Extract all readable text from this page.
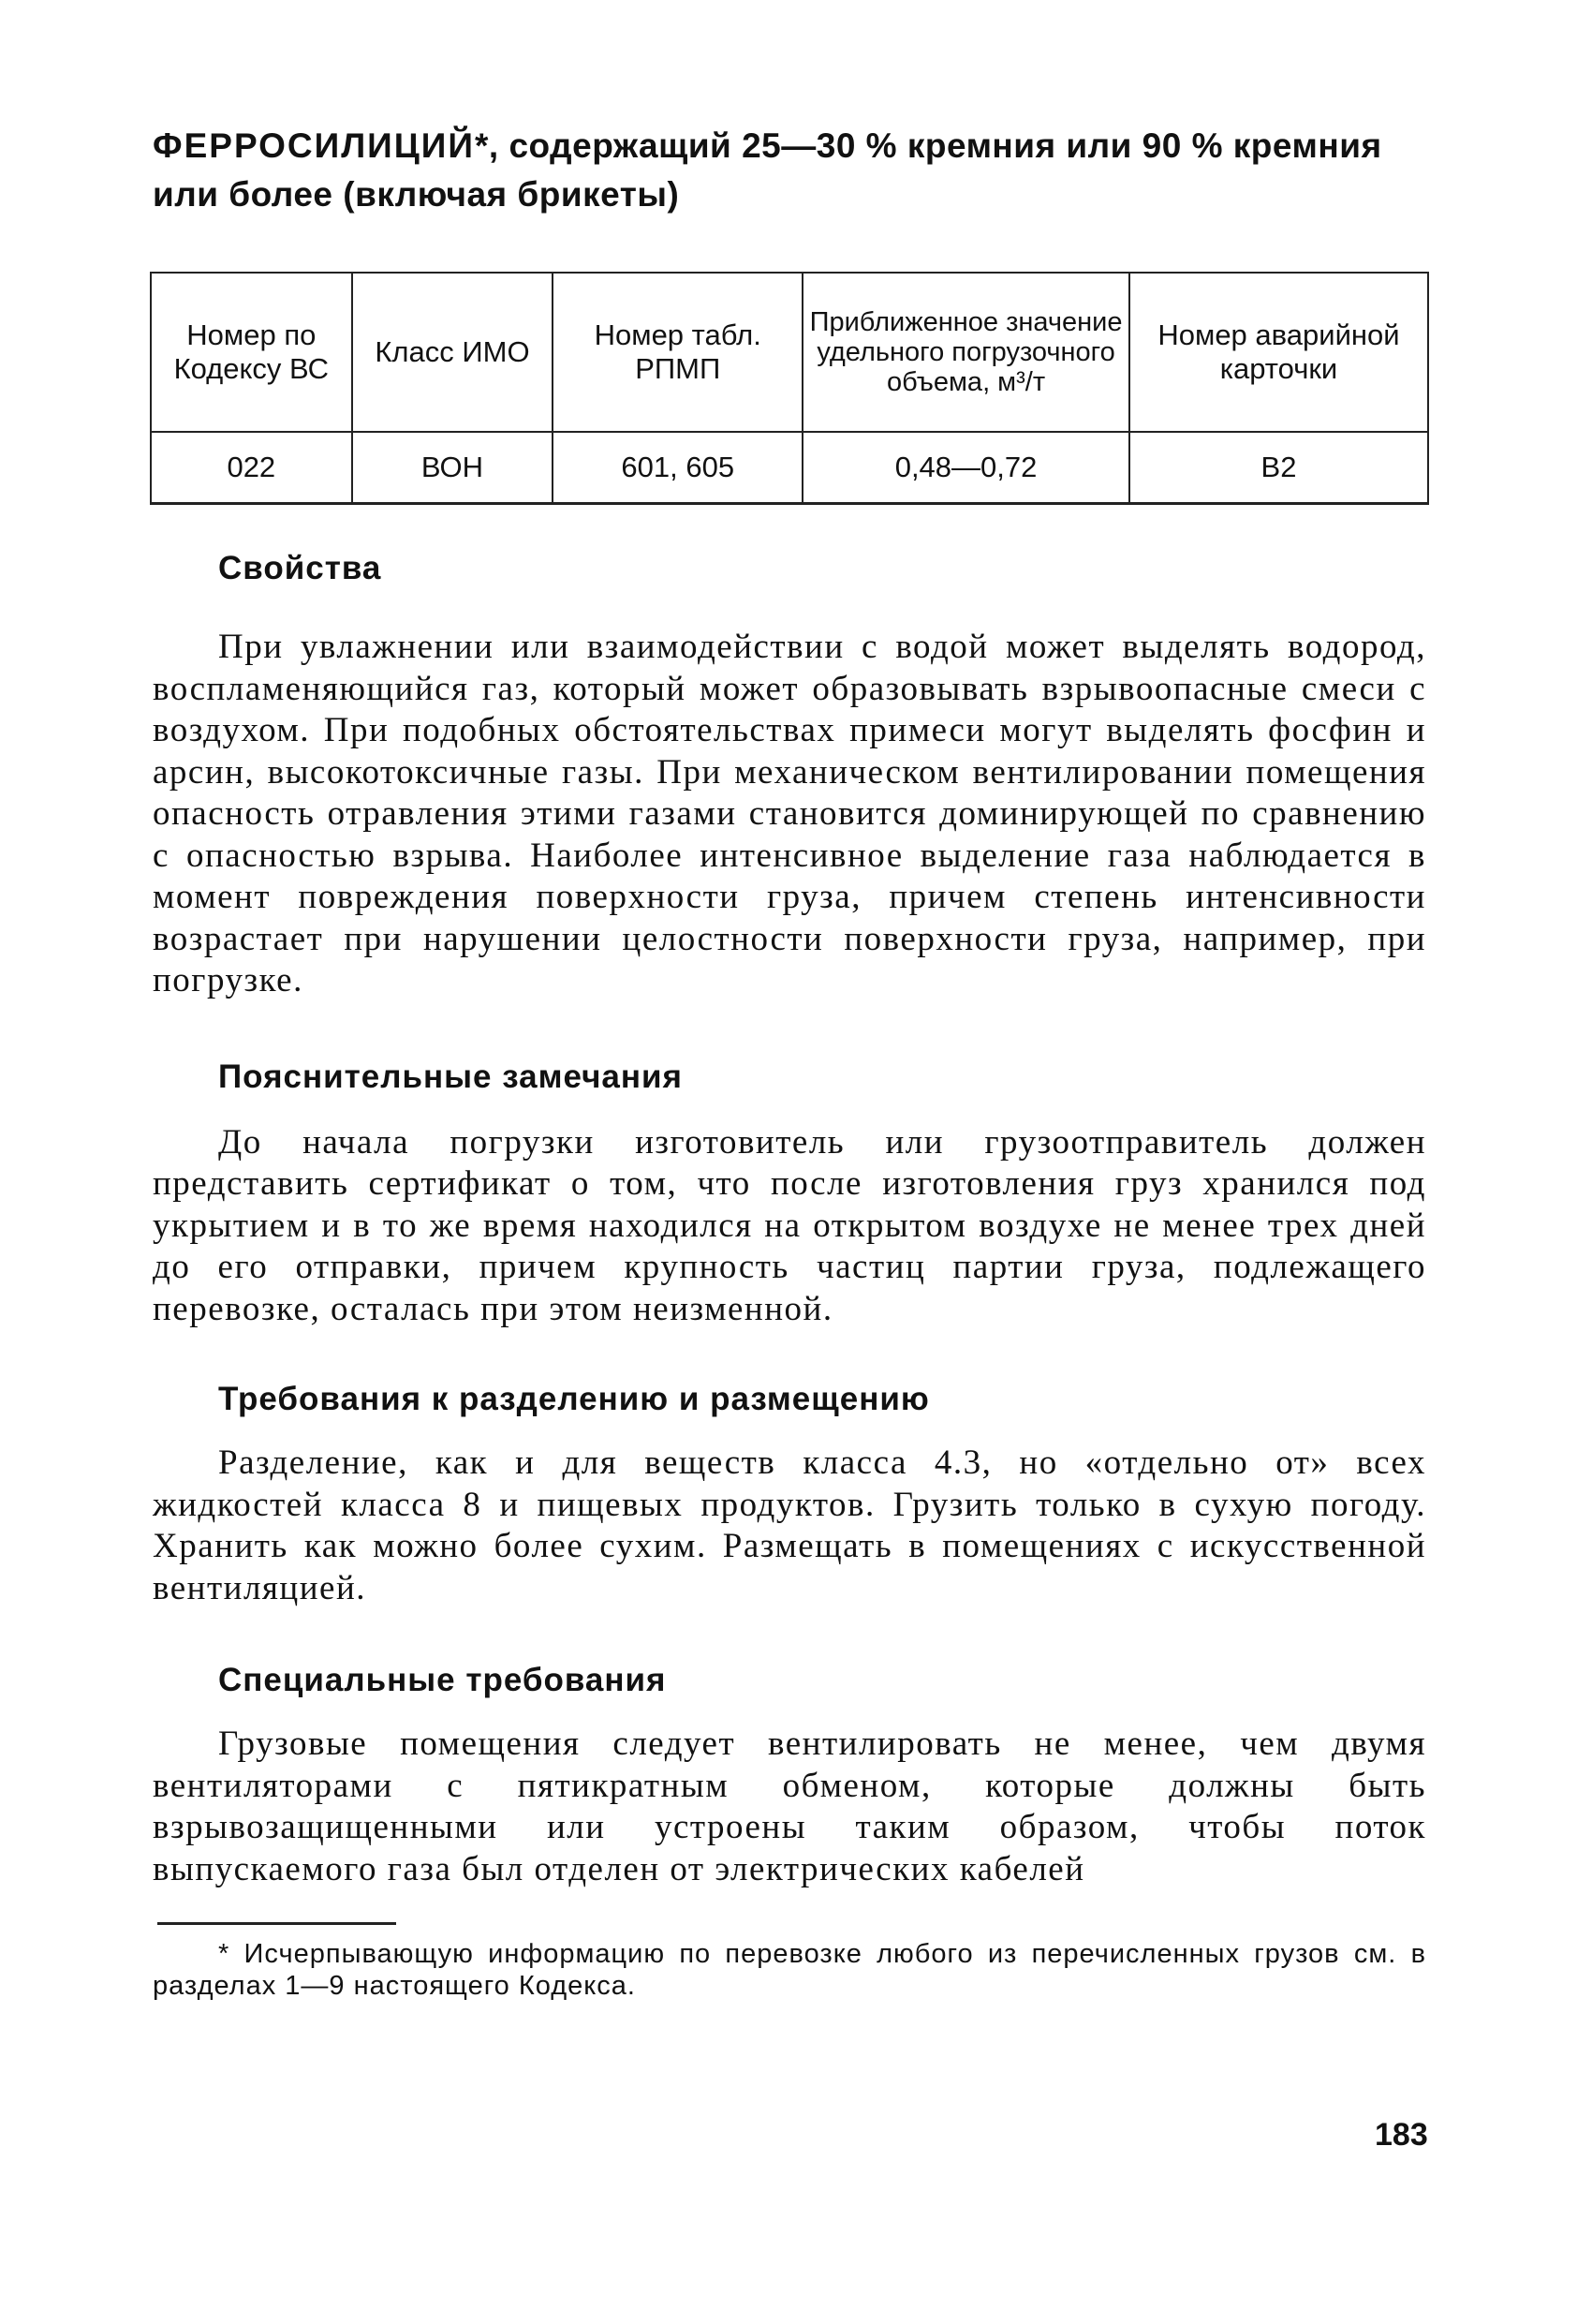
ФЕРРОСИЛИЦИЙ*, содержащий 25—30 % кремния или 90 % кремния или более (включая брикеты)
Номер по Кодексу ВС	Класс ИМО	Номер табл. РПМП	Приближенное значение удельного погрузочного объема, м³/т	Номер аварийной карточки
022	ВОН	601, 605	0,48—0,72	B2
Свойства

При увлажнении или взаимодействии с водой может выделять водород, воспламеняющийся газ, который может образовывать взрывоопасные смеси с воздухом. При подобных обстоятельствах примеси могут выделять фосфин и арсин, высокотоксичные газы. При механическом вентилировании помещения опасность отравления этими газами становится доминирующей по сравнению с опасностью взрыва. Наиболее интенсивное выделение газа наблюдается в момент повреждения поверхности груза, причем степень интенсивности возрастает при нарушении целостности поверхности груза, например, при погрузке.

Пояснительные замечания

До начала погрузки изготовитель или грузоотправитель должен представить сертификат о том, что после изготовления груз хранился под укрытием и в то же время находился на открытом воздухе не менее трех дней до его отправки, причем крупность частиц партии груза, подлежащего перевозке, осталась при этом неизменной.

Требования к разделению и размещению

Разделение, как и для веществ класса 4.3, но «отдельно от» всех жидкостей класса 8 и пищевых продуктов. Грузить только в сухую погоду. Хранить как можно более сухим. Размещать в помещениях с искусственной вентиляцией.

Специальные требования

Грузовые помещения следует вентилировать не менее, чем двумя вентиляторами с пятикратным обменом, которые должны быть взрывозащищенными или устроены таким образом, чтобы поток выпускаемого газа был отделен от электрических кабелей

* Исчерпывающую информацию по перевозке любого из перечисленных грузов см. в разделах 1—9 настоящего Кодекса.

183
